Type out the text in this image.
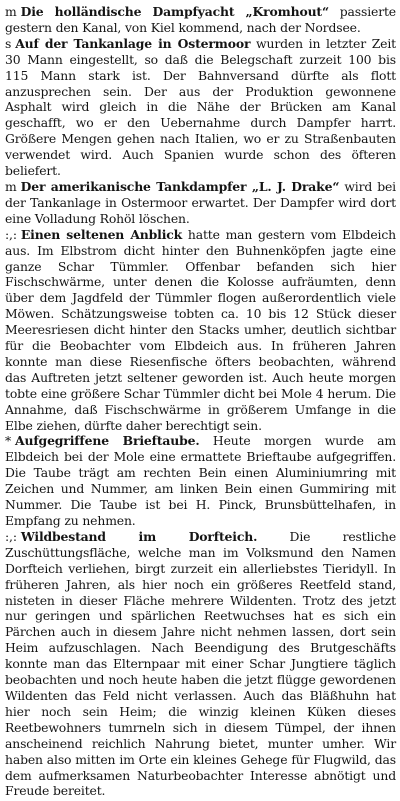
m Die holländische Dampfyacht „Kromhout“ passierte gestern den Kanal, von Kiel kommend, nach der Nordsee.

s Auf der Tankanlage in Ostermoor wurden in letzter Zeit 30 Mann eingestellt, so daß die Belegschaft zurzeit 100 bis 115 Mann stark ist. Der Bahnversand dürfte als flott anzusprechen sein. Der aus der Produktion gewonnene Asphalt wird gleich in die Nähe der Brücken am Kanal geschafft, wo er den Uebernahme durch Dampfer harrt. Größere Mengen gehen nach Italien, wo er zu Straßenbauten verwendet wird. Auch Spanien wurde schon des öfteren beliefert.

m Der amerikanische Tankdampfer „L. J. Drake“ wird bei der Tankanlage in Ostermoor erwartet. Der Dampfer wird dort eine Volladung Rohöl löschen.

:,: Einen seltenen Anblick hatte man gestern vom Elbdeich aus. Im Elbstrom dicht hinter den Buhnenköpfen jagte eine ganze Schar Tümmler. Offenbar befanden sich hier Fischschwärme, unter denen die Kolosse aufräumten, denn über dem Jagdfeld der Tümmler flogen außerordentlich viele Möwen. Schätzungsweise tobten ca. 10 bis 12 Stück dieser Meeresriesen dicht hinter den Stacks umher, deutlich sichtbar für die Beobachter vom Elbdeich aus. In früheren Jahren konnte man diese Riesenfische öfters beobachten, während das Auftreten jetzt seltener geworden ist. Auch heute morgen tobte eine größere Schar Tümmler dicht bei Mole 4 herum. Die Annahme, daß Fischschwärme in größerem Umfange in die Elbe ziehen, dürfte daher berechtigt sein.

* Aufgegriffene Brieftaube. Heute morgen wurde am Elbdeich bei der Mole eine ermattete Brieftaube aufgegriffen. Die Taube trägt am rechten Bein einen Aluminiumring mit Zeichen und Nummer, am linken Bein einen Gummiring mit Nummer. Die Taube ist bei H. Pinck, Brunsbüttelhafen, in Empfang zu nehmen.

:,: Wildbestand im Dorfteich. Die restliche Zuschüttungsfläche, welche man im Volksmund den Namen Dorfteich verliehen, birgt zurzeit ein allerliebstes Tieridyll. In früheren Jahren, als hier noch ein größeres Reetfeld stand, nisteten in dieser Fläche mehrere Wildenten. Trotz des jetzt nur geringen und spärlichen Reetwuchses hat es sich ein Pärchen auch in diesem Jahre nicht nehmen lassen, dort sein Heim aufzuschlagen. Nach Beendigung des Brutgeschäfts konnte man das Elternpaar mit einer Schar Jungtiere täglich beobachten und noch heute haben die jetzt flügge gewordenen Wildenten das Feld nicht verlassen. Auch das Bläßhuhn hat hier noch sein Heim; die winzig kleinen Küken dieses Reetbewohners tumrneln sich in diesem Tümpel, der ihnen anscheinend reichlich Nahrung bietet, munter umher. Wir haben also mitten im Orte ein kleines Gehege für Flugwild, das dem aufmerksamen Naturbeobachter Interesse abnötigt und Freude bereitet.
